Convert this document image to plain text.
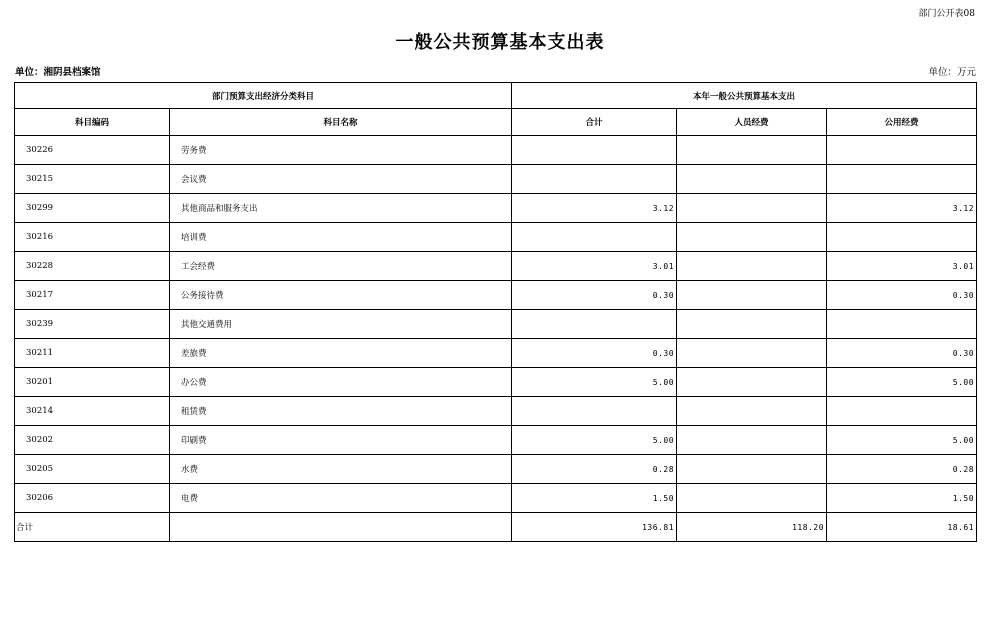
部门公开表08
一般公共预算基本支出表
单位：湘阴县档案馆	单位：万元
部门预算支出经济分类科目		本年一般公共预算基本支出		
科目编码	科目名称	合计	人员经费	公用经费
30226	劳务费			
30215	会议费			
30299	其他商品和服务支出	3.12		3.12
30216	培训费			
30228	工会经费	3.01		3.01
30217	公务接待费	0.30		0.30
30239	其他交通费用			
30211	差旅费	0.30		0.30
30201	办公费	5.00		5.00
30214	租赁费			
30202	印刷费	5.00		5.00
30205	水费	0.28		0.28
30206	电费	1.50		1.50
合计		136.81	118.20	18.61
